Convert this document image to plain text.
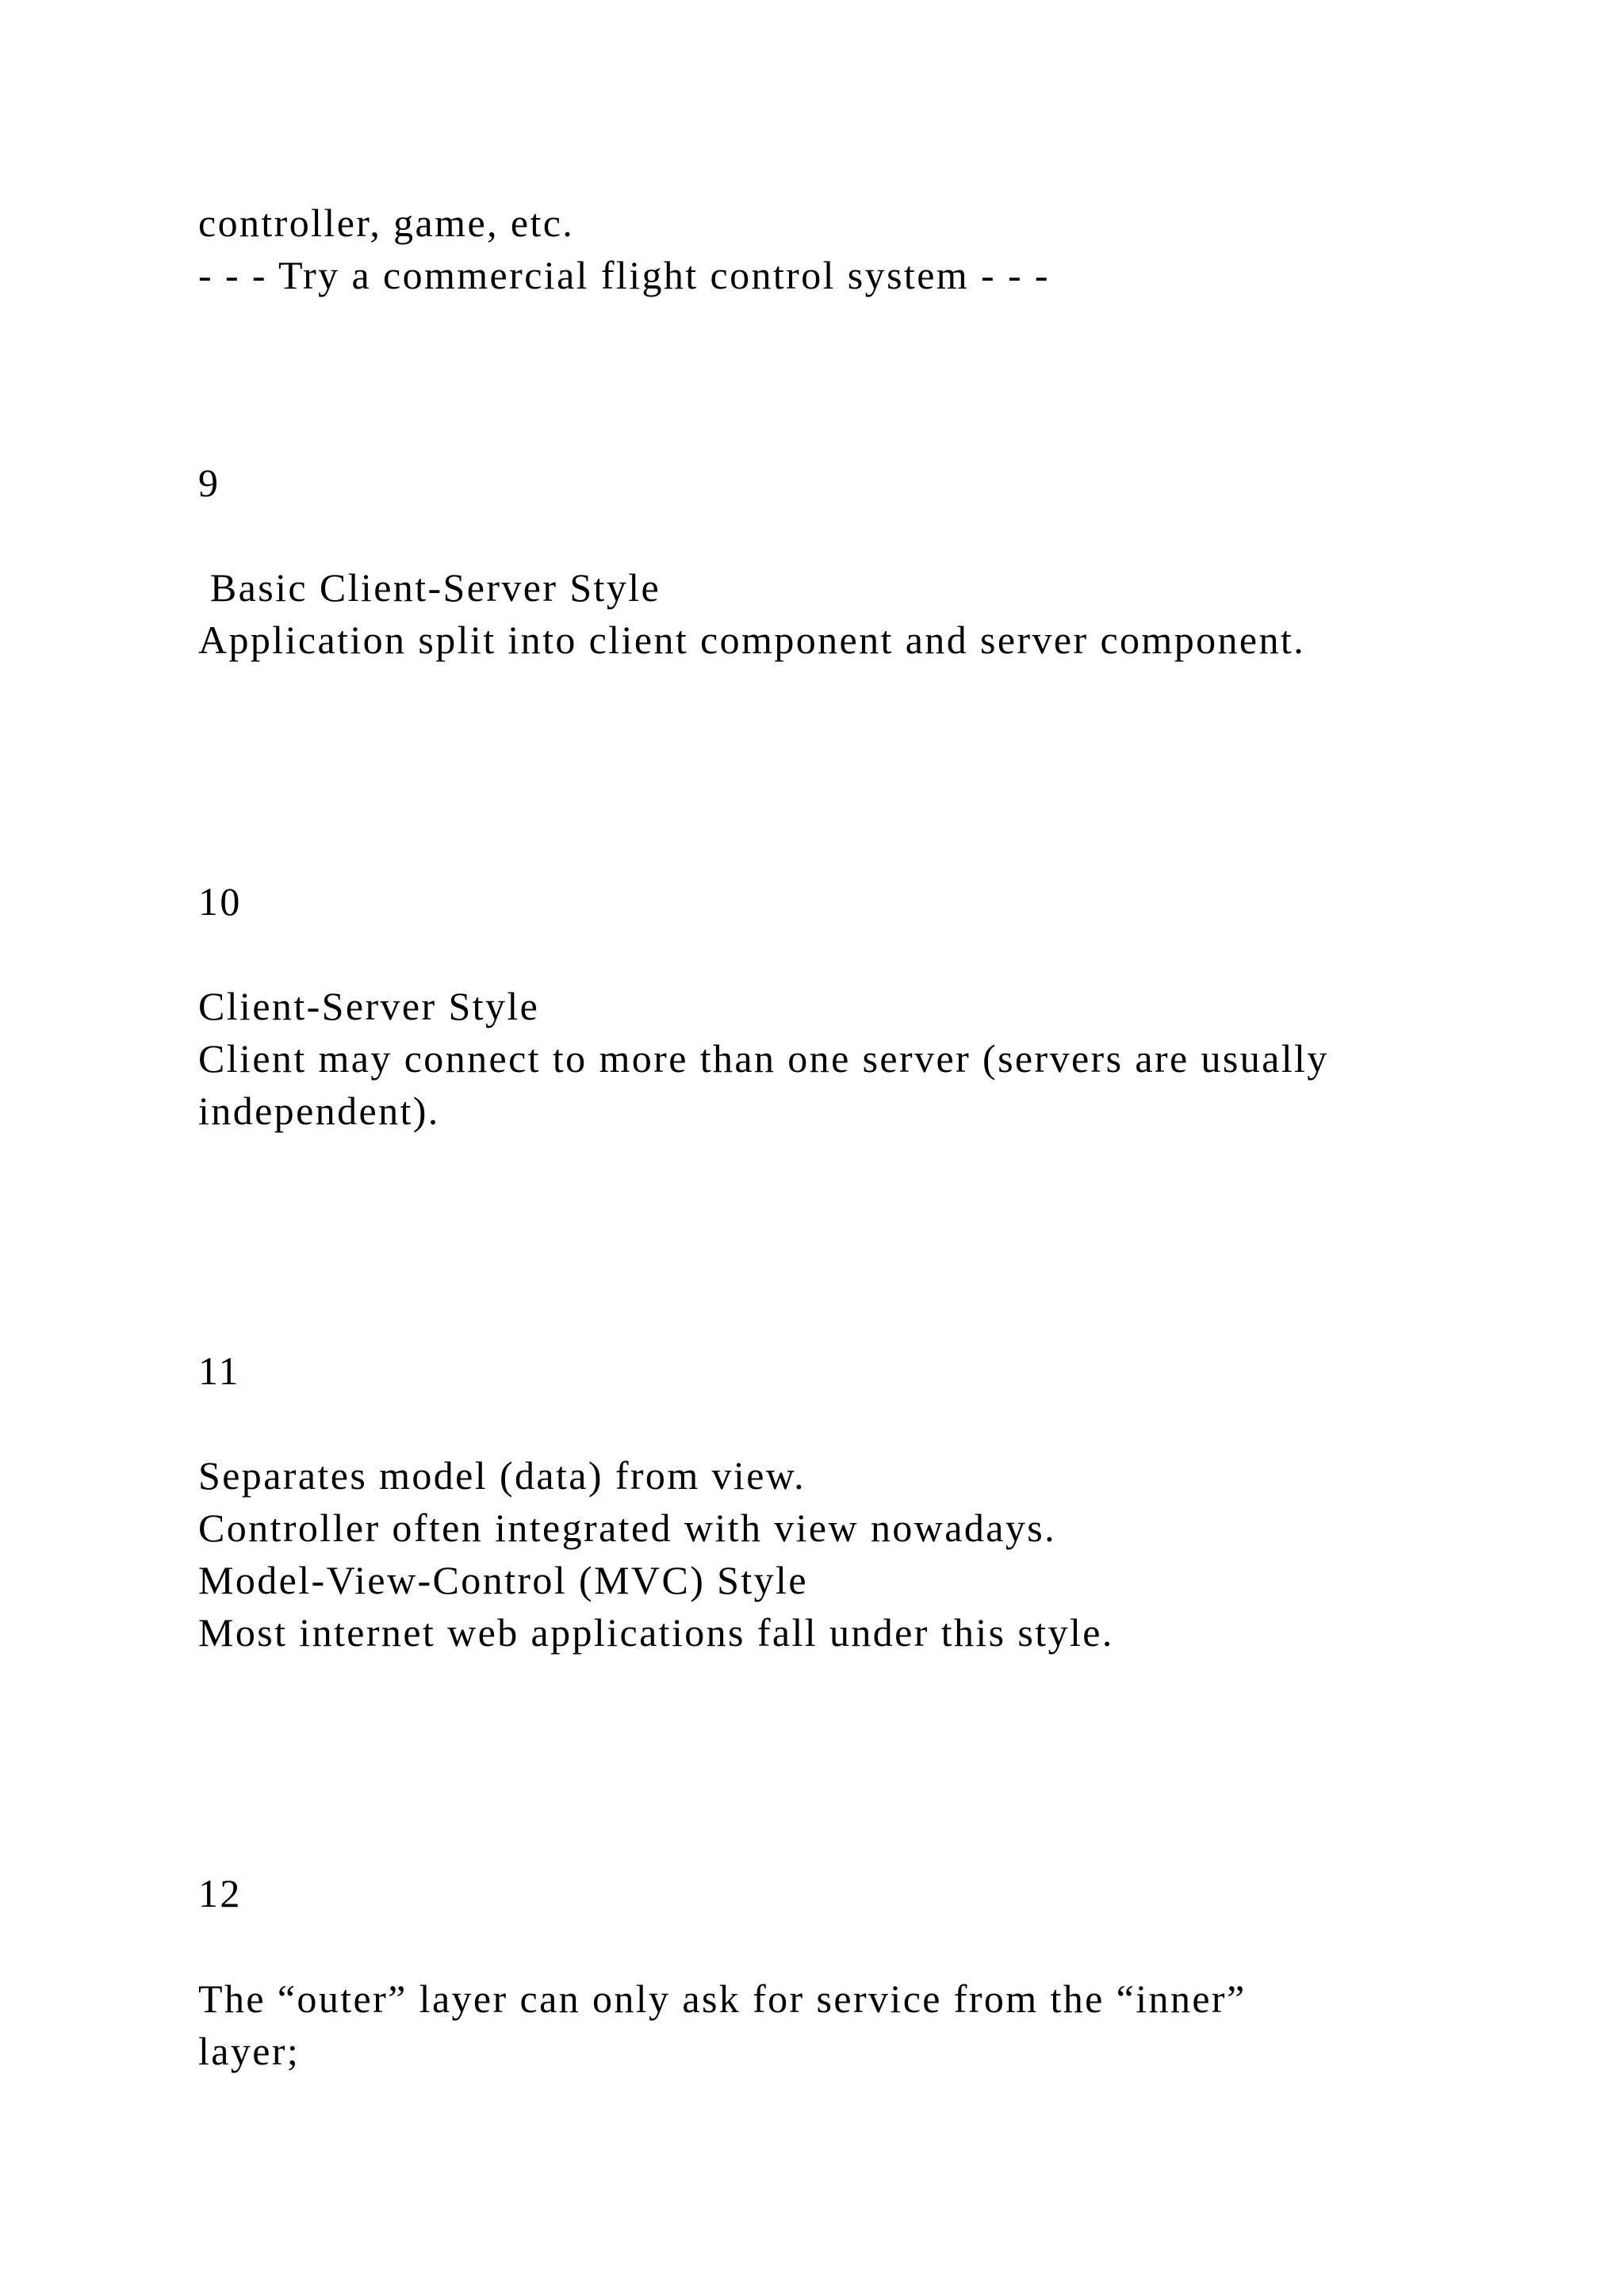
controller, game, etc.
- - - Try a commercial flight control system - - -
9
Basic Client-Server Style
Application split into client component and server component.
10
Client-Server Style
Client may connect to more than one server (servers are usually
independent).
11
Separates model (data) from view.
Controller often integrated with view nowadays.
Model-View-Control (MVC) Style
Most internet web applications fall under this style.
12
The “outer” layer can only ask for service from the “inner”
layer;
